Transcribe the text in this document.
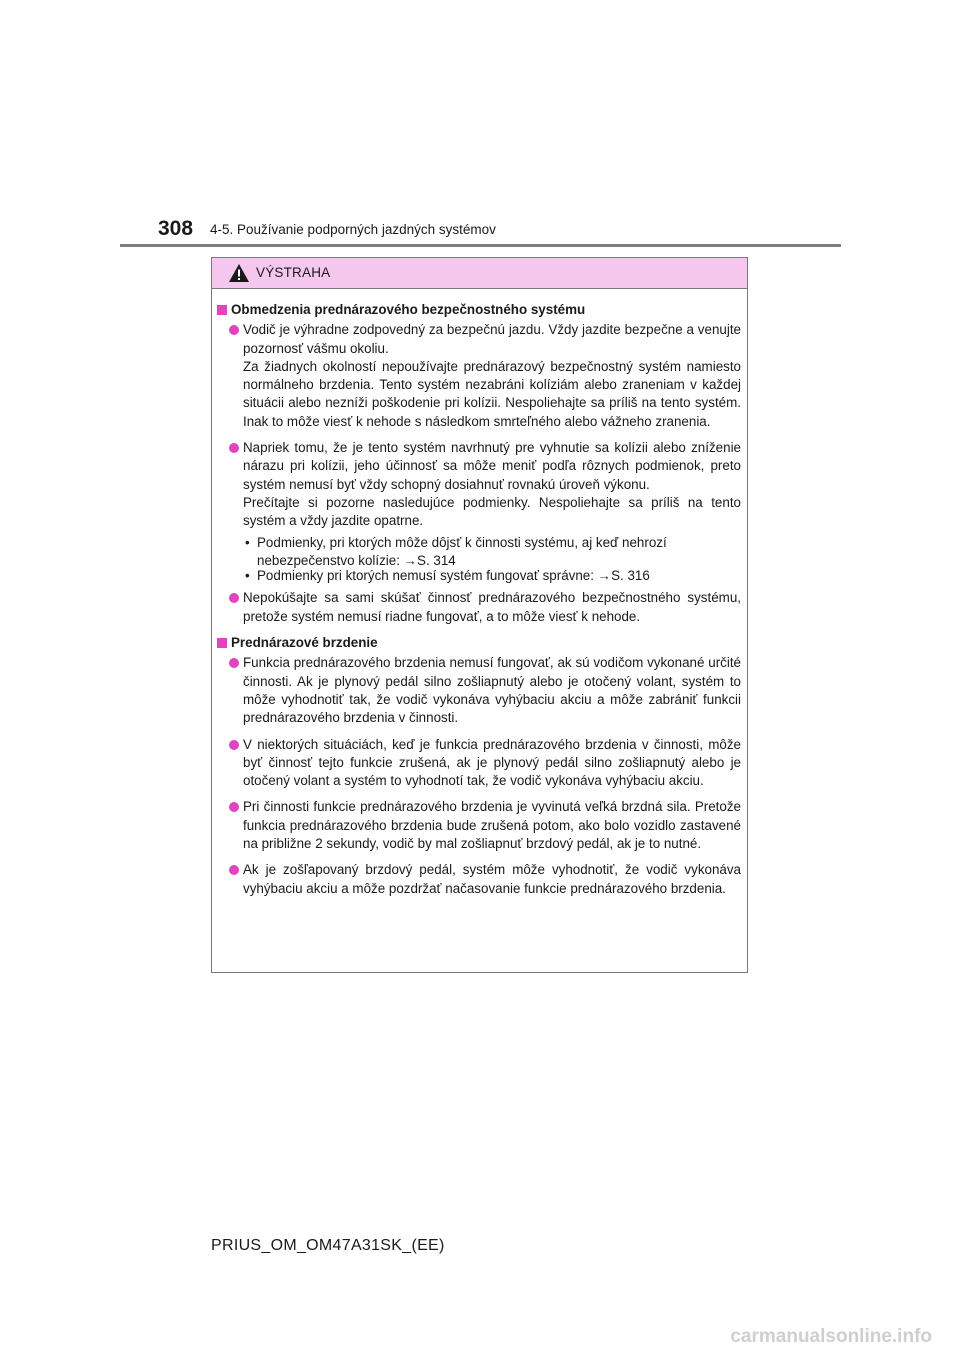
308 4-5. Používanie podporných jazdných systémov
VÝSTRAHA
Obmedzenia prednárazového bezpečnostného systému

Vodič je výhradne zodpovedný za bezpečnú jazdu. Vždy jazdite bezpečne a venujte pozornosť vášmu okoliu.

Za žiadnych okolností nepoužívajte prednárazový bezpečnostný systém namiesto normálneho brzdenia. Tento systém nezabráni kolíziám alebo zraneniam v každej situácii alebo nezníži poškodenie pri kolízii. Nespoliehajte sa príliš na tento systém. Inak to môže viesť k nehode s následkom smrteľného alebo vážneho zranenia.

Napriek tomu, že je tento systém navrhnutý pre vyhnutie sa kolízii alebo zníženie nárazu pri kolízii, jeho účinnosť sa môže meniť podľa rôznych podmienok, preto systém nemusí byť vždy schopný dosiahnuť rovnakú úroveň výkonu.

Prečítajte si pozorne nasledujúce podmienky. Nespoliehajte sa príliš na tento systém a vždy jazdite opatrne.

• Podmienky, pri ktorých môže dôjsť k činnosti systému, aj keď nehrozí nebezpečenstvo kolízie: →S. 314
• Podmienky pri ktorých nemusí systém fungovať správne: →S. 316

Nepokúšajte sa sami skúšať činnosť prednárazového bezpečnostného systému, pretože systém nemusí riadne fungovať, a to môže viesť k nehode.

Prednárazové brzdenie

Funkcia prednárazového brzdenia nemusí fungovať, ak sú vodičom vykonané určité činnosti. Ak je plynový pedál silno zošliapnutý alebo je otočený volant, systém to môže vyhodnotiť tak, že vodič vykonáva vyhýbaciu akciu a môže zabrániť funkcii prednárazového brzdenia v činnosti.

V niektorých situáciách, keď je funkcia prednárazového brzdenia v činnosti, môže byť činnosť tejto funkcie zrušená, ak je plynový pedál silno zošliapnutý alebo je otočený volant a systém to vyhodnotí tak, že vodič vykonáva vyhýbaciu akciu.

Pri činnosti funkcie prednárazového brzdenia je vyvinutá veľká brzdná sila. Pretože funkcia prednárazového brzdenia bude zrušená potom, ako bolo vozidlo zastavené na približne 2 sekundy, vodič by mal zošliapnuť brzdový pedál, ak je to nutné.

Ak je zošľapovaný brzdový pedál, systém môže vyhodnotiť, že vodič vykonáva vyhýbaciu akciu a môže pozdržať načasovanie funkcie prednárazového brzdenia.

PRIUS_OM_OM47A31SK_(EE)
carmanualsonline.info
